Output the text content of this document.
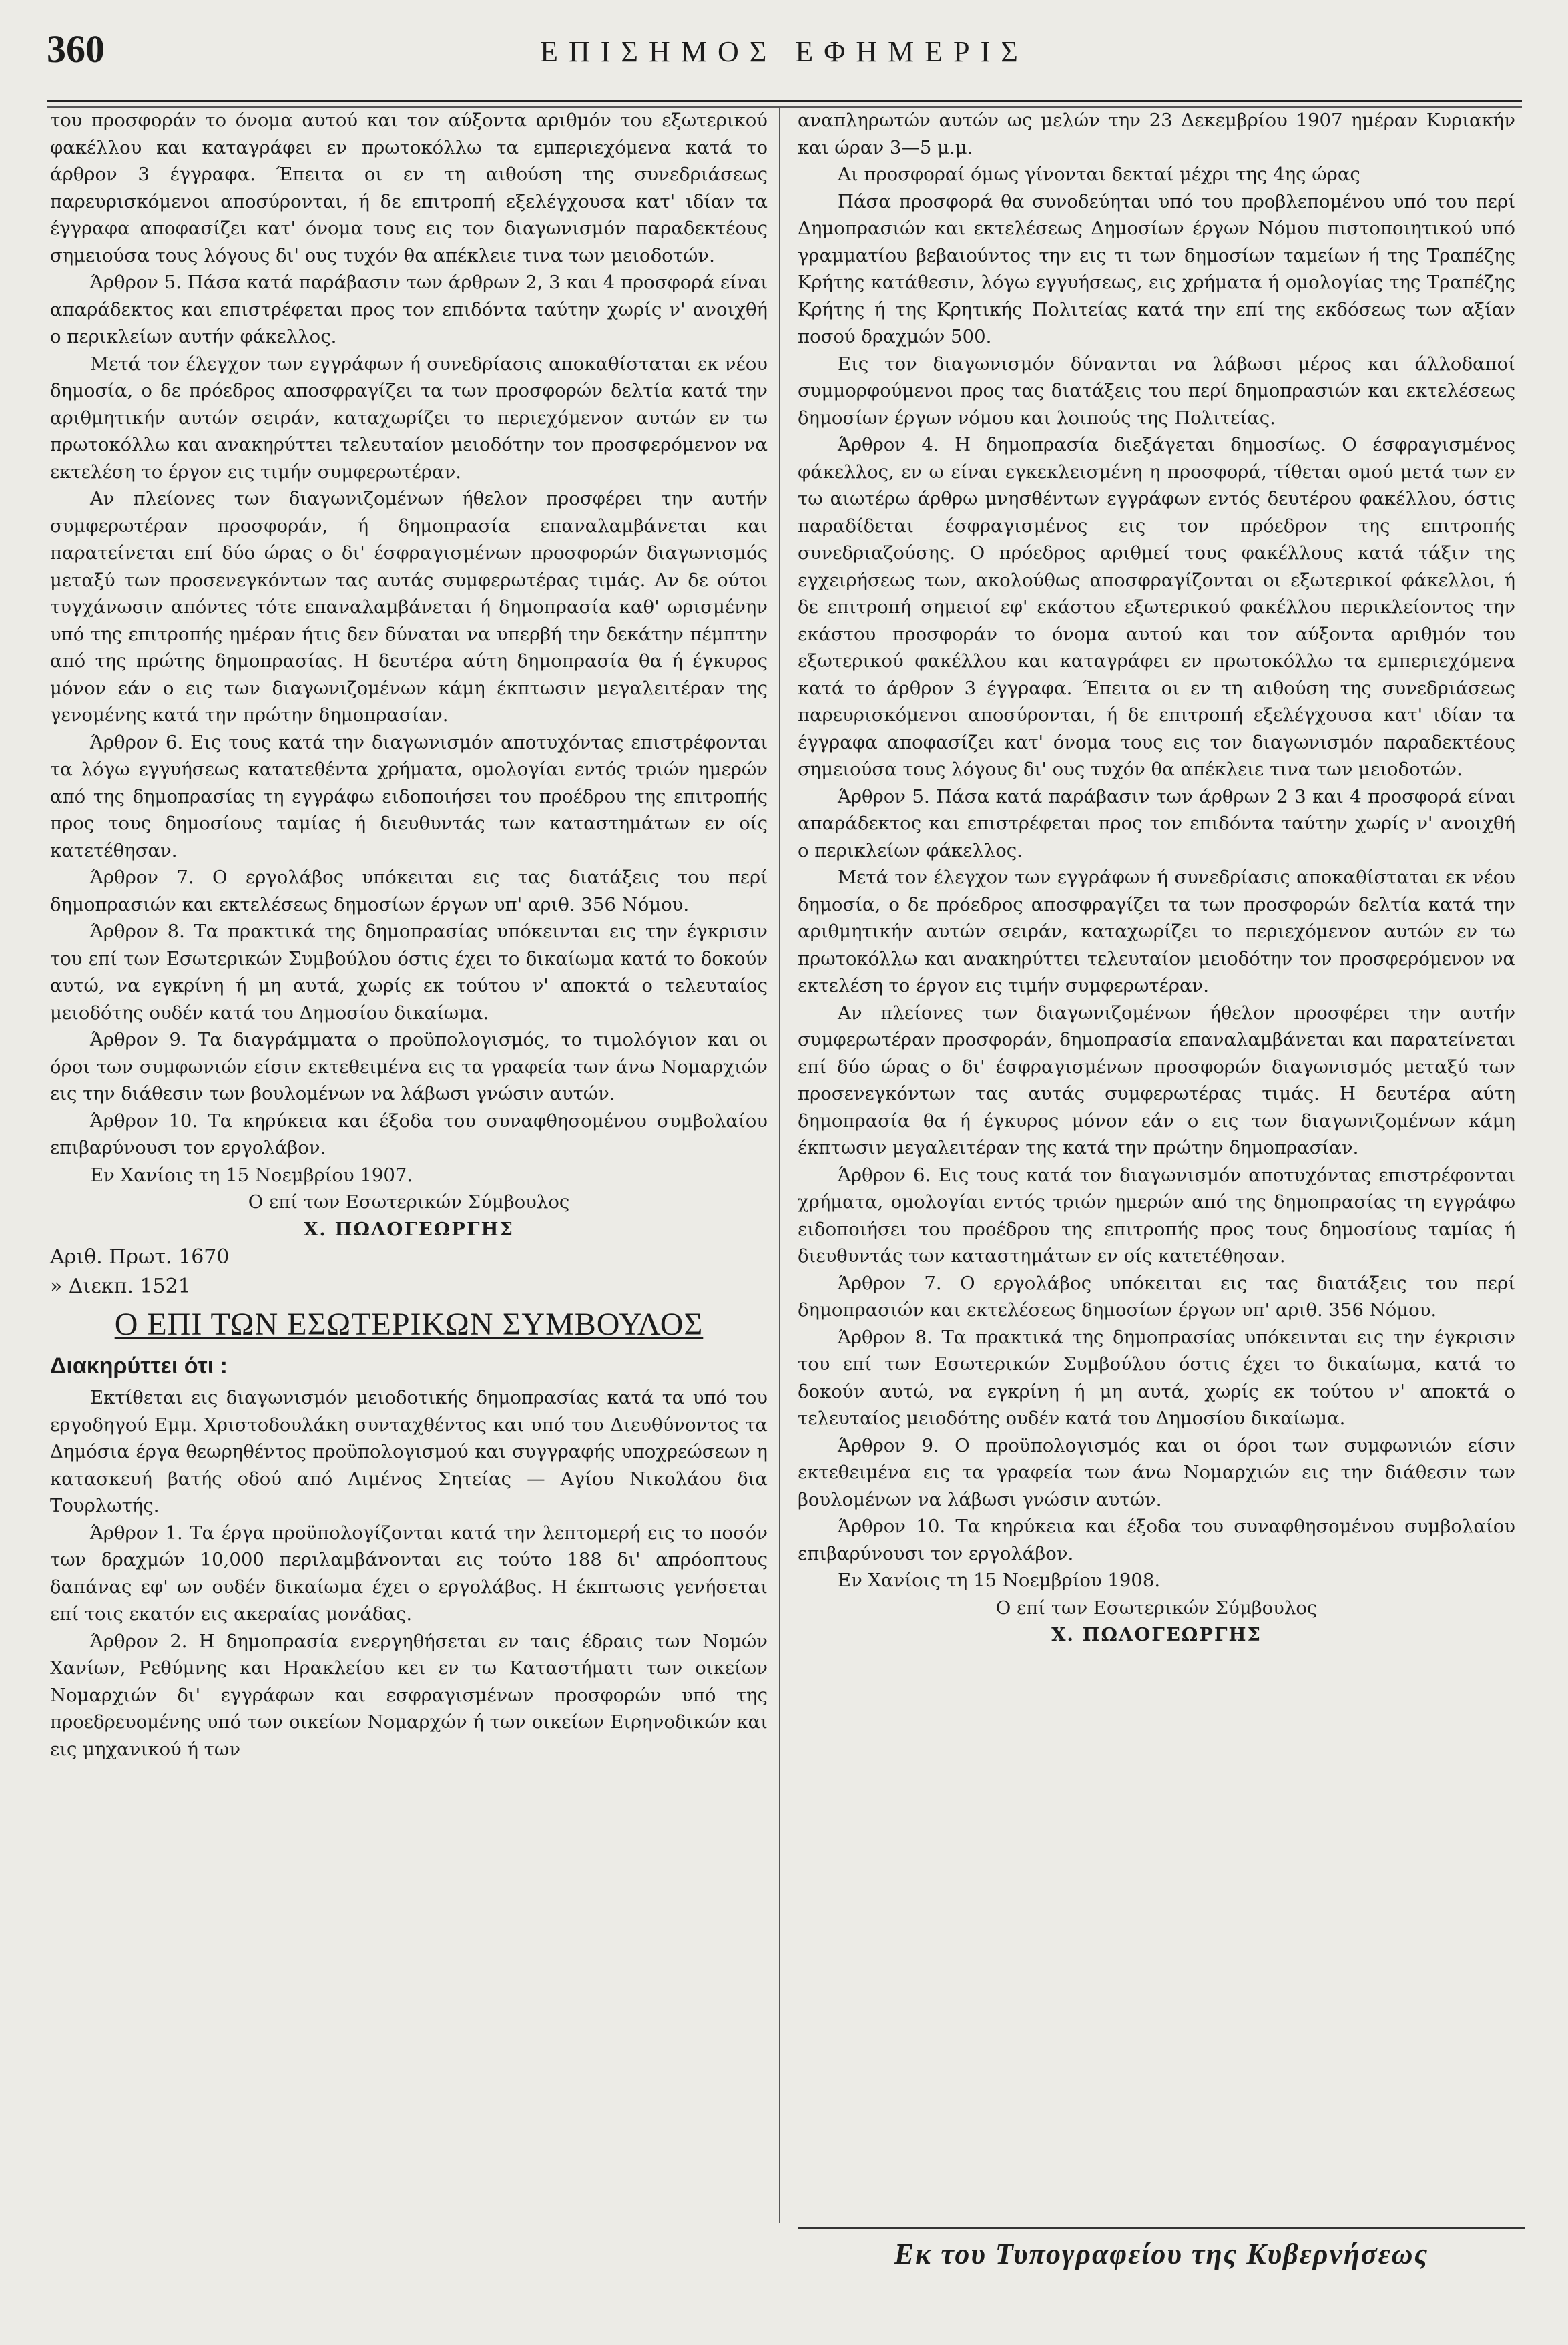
360	ΕΠΙΣΗΜΟΣ ΕΦΗΜΕΡΙΣ

του προσφοράν το όνομα αυτού και τον αύξοντα αριθμόν του εξωτερικού φακέλλου και καταγράφει εν πρωτοκόλλω τα εμπεριεχόμενα κατά το άρθρον 3 έγγραφα. Έπειτα οι εν τη αιθούση της συνεδριάσεως παρευρισκόμενοι αποσύρονται, ή δε επιτροπή εξελέγχουσα κατ' ιδίαν τα έγγραφα αποφασίζει κατ' όνομα τους εις τον διαγωνισμόν παραδεκτέους σημειούσα τους λόγους δι' ους τυχόν θα απέκλειε τινα των μειοδοτών.

Άρθρον 5. Πάσα κατά παράβασιν των άρθρων 2, 3 και 4 προσφορά είναι απαράδεκτος και επιστρέφεται προς τον επιδόντα ταύτην χωρίς ν' ανοιχθή ο περικλείων αυτήν φάκελλος.

Μετά τον έλεγχον των εγγράφων ή συνεδρίασις αποκαθίσταται εκ νέου δημοσία, ο δε πρόεδρος αποσφραγίζει τα των προσφορών δελτία κατά την αριθμητικήν αυτών σειράν, καταχωρίζει το περιεχόμενον αυτών εν τω πρωτοκόλλω και ανακηρύττει τελευταίον μειοδότην τον προσφερόμενον να εκτελέση το έργον εις τιμήν συμφερωτέραν.

Αν πλείονες των διαγωνιζομένων ήθελον προσφέρει την αυτήν συμφερωτέραν προσφοράν, ή δημοπρασία επαναλαμβάνεται και παρατείνεται επί δύο ώρας ο δι' έσφραγισμένων προσφορών διαγωνισμός μεταξύ των προσενεγκόντων τας αυτάς συμφερωτέρας τιμάς. Αν δε ούτοι τυγχάνωσιν απόντες τότε επαναλαμβάνεται ή δημοπρασία καθ' ωρισμένην υπό της επιτροπής ημέραν ήτις δεν δύναται να υπερβή την δεκάτην πέμπτην από της πρώτης δημοπρασίας. Η δευτέρα αύτη δημοπρασία θα ή έγκυρος μόνον εάν ο εις των διαγωνιζομένων κάμη έκπτωσιν μεγαλειτέραν της γενομένης κατά την πρώτην δημοπρασίαν.

Άρθρον 6. Εις τους κατά την διαγωνισμόν αποτυχόντας επιστρέφονται τα λόγω εγγυήσεως κατατεθέντα χρήματα, ομολογίαι εντός τριών ημερών από της δημοπρασίας τη εγγράφω ειδοποιήσει του προέδρου της επιτροπής προς τους δημοσίους ταμίας ή διευθυντάς των καταστημάτων εν οίς κατετέθησαν.

Άρθρον 7. Ο εργολάβος υπόκειται εις τας διατάξεις του περί δημοπρασιών και εκτελέσεως δημοσίων έργων υπ' αριθ. 356 Νόμου.

Άρθρον 8. Τα πρακτικά της δημοπρασίας υπόκεινται εις την έγκρισιν του επί των Εσωτερικών Συμβούλου όστις έχει το δικαίωμα κατά το δοκούν αυτώ, να εγκρίνη ή μη αυτά, χωρίς εκ τούτου ν' αποκτά ο τελευταίος μειοδότης ουδέν κατά του Δημοσίου δικαίωμα.

Άρθρον 9. Τα διαγράμματα ο προϋπολογισμός, το τιμολόγιον και οι όροι των συμφωνιών είσιν εκτεθειμένα εις τα γραφεία των άνω Νομαρχιών εις την διάθεσιν των βουλομένων να λάβωσι γνώσιν αυτών.

Άρθρον 10. Τα κηρύκεια και έξοδα του συναφθησομένου συμβολαίου επιβαρύνουσι τον εργολάβον.

Εν Χανίοις τη 15 Νοεμβρίου 1907.

Ο επί των Εσωτερικών Σύμβουλος

Χ. ΠΩΛΟΓΕΩΡΓΗΣ

Αριθ. Πρωτ. 1670

» Διεκπ. 1521

Ο ΕΠΙ ΤΩΝ ΕΣΩΤΕΡΙΚΩΝ ΣΥΜΒΟΥΛΟΣ

Διακηρύττει ότι :

Εκτίθεται εις διαγωνισμόν μειοδοτικής δημοπρασίας κατά τα υπό του εργοδηγού Εμμ. Χριστοδουλάκη συνταχθέντος και υπό του Διευθύνοντος τα Δημόσια έργα θεωρηθέντος προϋπολογισμού και συγγραφής υποχρεώσεων η κατασκευή βατής οδού από Λιμένος Σητείας — Αγίου Νικολάου δια Τουρλωτής.

Άρθρον 1. Τα έργα προϋπολογίζονται κατά την λεπτομερή εις το ποσόν των δραχμών 10,000 περιλαμβάνονται εις τούτο 188 δι' απρόοπτους δαπάνας εφ' ων ουδέν δικαίωμα έχει ο εργολάβος. Η έκπτωσις γενήσεται επί τοις εκατόν εις ακεραίας μονάδας.

Άρθρον 2. Η δημοπρασία ενεργηθήσεται εν ταις έδραις των Νομών Χανίων, Ρεθύμνης και Ηρακλείου κει εν τω Καταστήματι των οικείων Νομαρχιών δι' εγγράφων και εσφραγισμένων προσφορών υπό της προεδρευομένης υπό των οικείων Νομαρχών ή των οικείων Ειρηνοδικών και εις μηχανικού ή των

αναπληρωτών αυτών ως μελών την 23 Δεκεμβρίου 1907 ημέραν Κυριακήν και ώραν 3—5 μ.μ.

Αι προσφοραί όμως γίνονται δεκταί μέχρι της 4ης ώρας

Πάσα προσφορά θα συνοδεύηται υπό του προβλεπομένου υπό του περί Δημοπρασιών και εκτελέσεως Δημοσίων έργων Νόμου πιστοποιητικού υπό γραμματίου βεβαιούντος την εις τι των δημοσίων ταμείων ή της Τραπέζης Κρήτης κατάθεσιν, λόγω εγγυήσεως, εις χρήματα ή ομολογίας της Τραπέζης Κρήτης ή της Κρητικής Πολιτείας κατά την επί της εκδόσεως των αξίαν ποσού δραχμών 500.

Εις τον διαγωνισμόν δύνανται να λάβωσι μέρος και άλλοδαποί συμμορφούμενοι προς τας διατάξεις του περί δημοπρασιών και εκτελέσεως δημοσίων έργων νόμου και λοιπούς της Πολιτείας.

Άρθρον 4. Η δημοπρασία διεξάγεται δημοσίως. Ο έσφραγισμένος φάκελλος, εν ω είναι εγκεκλεισμένη η προσφορά, τίθεται ομού μετά των εν τω αιωτέρω άρθρω μνησθέντων εγγράφων εντός δευτέρου φακέλλου, όστις παραδίδεται έσφραγισμένος εις τον πρόεδρον της επιτροπής συνεδριαζούσης. Ο πρόεδρος αριθμεί τους φακέλλους κατά τάξιν της εγχειρήσεως των, ακολούθως αποσφραγίζονται οι εξωτερικοί φάκελλοι, ή δε επιτροπή σημειοί εφ' εκάστου εξωτερικού φακέλλου περικλείοντος την εκάστου προσφοράν το όνομα αυτού και τον αύξοντα αριθμόν του εξωτερικού φακέλλου και καταγράφει εν πρωτοκόλλω τα εμπεριεχόμενα κατά το άρθρον 3 έγγραφα. Έπειτα οι εν τη αιθούση της συνεδριάσεως παρευρισκόμενοι αποσύρονται, ή δε επιτροπή εξελέγχουσα κατ' ιδίαν τα έγγραφα αποφασίζει κατ' όνομα τους εις τον διαγωνισμόν παραδεκτέους σημειούσα τους λόγους δι' ους τυχόν θα απέκλειε τινα των μειοδοτών.

Άρθρον 5. Πάσα κατά παράβασιν των άρθρων 2 3 και 4 προσφορά είναι απαράδεκτος και επιστρέφεται προς τον επιδόντα ταύτην χωρίς ν' ανοιχθή ο περικλείων φάκελλος.

Μετά τον έλεγχον των εγγράφων ή συνεδρίασις αποκαθίσταται εκ νέου δημοσία, ο δε πρόεδρος αποσφραγίζει τα των προσφορών δελτία κατά την αριθμητικήν αυτών σειράν, καταχωρίζει το περιεχόμενον αυτών εν τω πρωτοκόλλω και ανακηρύττει τελευταίον μειοδότην τον προσφερόμενον να εκτελέση το έργον εις τιμήν συμφερωτέραν.

Αν πλείονες των διαγωνιζομένων ήθελον προσφέρει την αυτήν συμφερωτέραν προσφοράν, δημοπρασία επαναλαμβάνεται και παρατείνεται επί δύο ώρας ο δι' έσφραγισμένων προσφορών διαγωνισμός μεταξύ των προσενεγκόντων τας αυτάς συμφερωτέρας τιμάς. Η δευτέρα αύτη δημοπρασία θα ή έγκυρος μόνον εάν ο εις των διαγωνιζομένων κάμη έκπτωσιν μεγαλειτέραν της κατά την πρώτην δημοπρασίαν.

Άρθρον 6. Εις τους κατά τον διαγωνισμόν αποτυχόντας επιστρέφονται χρήματα, ομολογίαι εντός τριών ημερών από της δημοπρασίας τη εγγράφω ειδοποιήσει του προέδρου της επιτροπής προς τους δημοσίους ταμίας ή διευθυντάς των καταστημάτων εν οίς κατετέθησαν.

Άρθρον 7. Ο εργολάβος υπόκειται εις τας διατάξεις του περί δημοπρασιών και εκτελέσεως δημοσίων έργων υπ' αριθ. 356 Νόμου.

Άρθρον 8. Τα πρακτικά της δημοπρασίας υπόκεινται εις την έγκρισιν του επί των Εσωτερικών Συμβούλου όστις έχει το δικαίωμα, κατά το δοκούν αυτώ, να εγκρίνη ή μη αυτά, χωρίς εκ τούτου ν' αποκτά ο τελευταίος μειοδότης ουδέν κατά του Δημοσίου δικαίωμα.

Άρθρον 9. Ο προϋπολογισμός και οι όροι των συμφωνιών είσιν εκτεθειμένα εις τα γραφεία των άνω Νομαρχιών εις την διάθεσιν των βουλομένων να λάβωσι γνώσιν αυτών.

Άρθρον 10. Τα κηρύκεια και έξοδα του συναφθησομένου συμβολαίου επιβαρύνουσι τον εργολάβον.

Εν Χανίοις τη 15 Νοεμβρίου 1908.

Ο επί των Εσωτερικών Σύμβουλος

Χ. ΠΩΛΟΓΕΩΡΓΗΣ

Εκ του Τυπογραφείου της Κυβερνήσεως
